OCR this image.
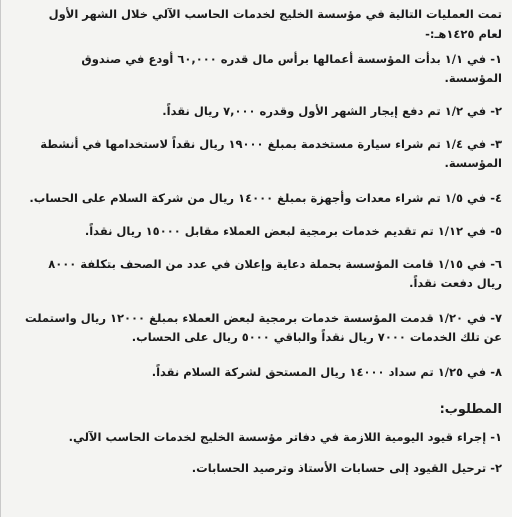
تمت العمليات التالية في مؤسسة الخليج لخدمات الحاسب الآلي خلال الشهر الأول لعام ١٤٢٥هـ:-

١- في ١/١ بدأت المؤسسة أعمالها برأس مال قدره ٦٠,٠٠٠ أودع في صندوق المؤسسة.

٢- في ١/٢ تم دفع إيجار الشهر الأول وقدره ٧,٠٠٠ ريال نقداً.

٣- في ١/٤ تم شراء سيارة مستخدمة بمبلغ ١٩٠٠٠ ريال نقداً لاستخدامها في أنشطة المؤسسة.

٤- في ١/٥ تم شراء معدات وأجهزة بمبلغ ١٤٠٠٠ ريال من شركة السلام على الحساب.

٥- في ١/١٢ تم تقديم خدمات برمجية لبعض العملاء مقابل ١٥٠٠٠ ريال نقداً.

٦- في ١/١٥ قامت المؤسسة بحملة دعاية وإعلان في عدد من الصحف بتكلفة ٨٠٠٠ ريال دفعت نقداً.

٧- في ١/٢٠ قدمت المؤسسة خدمات برمجية لبعض العملاء بمبلغ ١٢٠٠٠ ريال واستملت عن تلك الخدمات ٧٠٠٠ ريال نقداً والباقي ٥٠٠٠ ريال على الحساب.

٨- في ١/٢٥ تم سداد ١٤٠٠٠ ريال المستحق لشركة السلام نقداً.

المطلوب:

١- إجراء قيود اليومية اللازمة في دفاتر مؤسسة الخليج لخدمات الحاسب الآلي.

٢- ترحيل القيود إلى حسابات الأستاذ وترصيد الحسابات.
